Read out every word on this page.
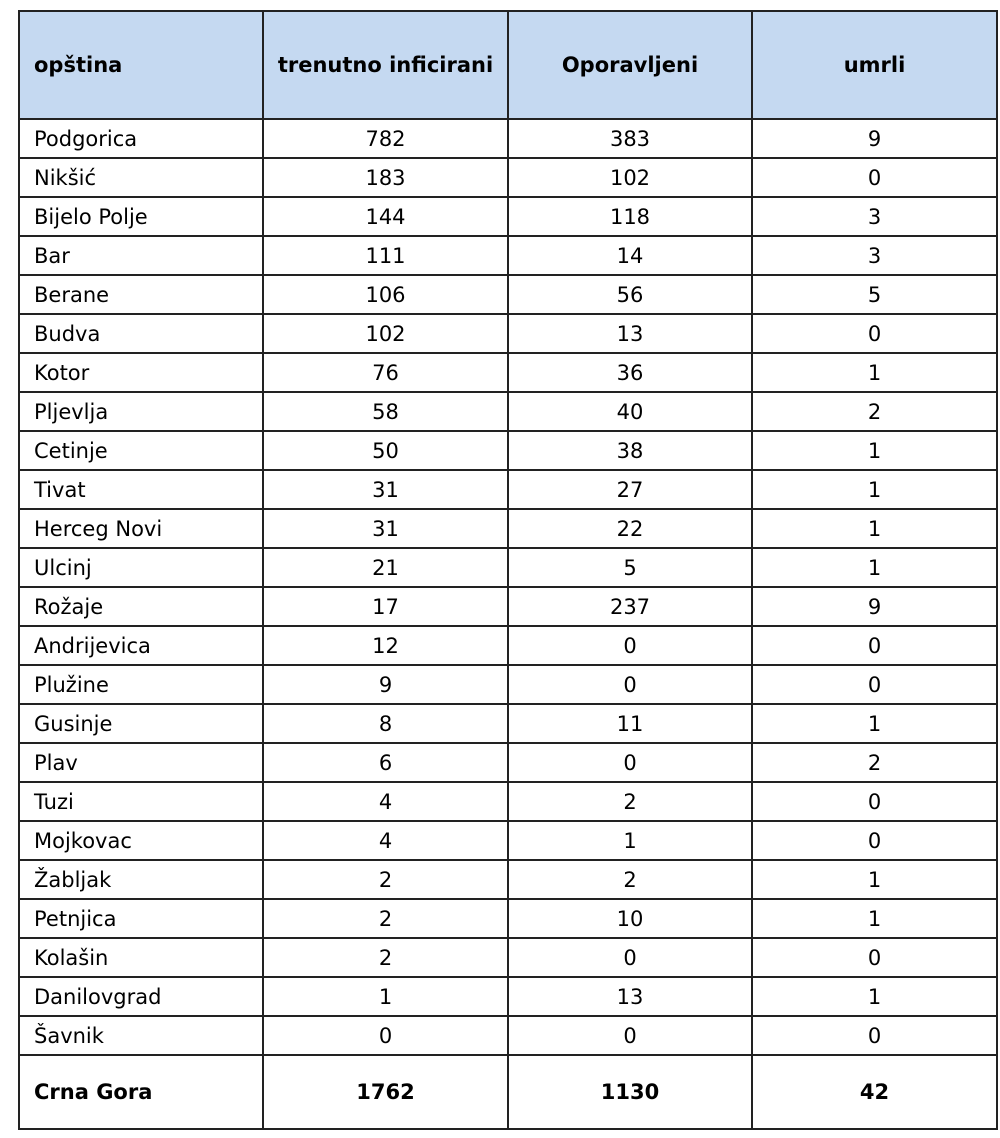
opština	trenutno inficirani	Oporavljeni	umrli
Podgorica	782	383	9
Nikšić	183	102	0
Bijelo Polje	144	118	3
Bar	111	14	3
Berane	106	56	5
Budva	102	13	0
Kotor	76	36	1
Pljevlja	58	40	2
Cetinje	50	38	1
Tivat	31	27	1
Herceg Novi	31	22	1
Ulcinj	21	5	1
Rožaje	17	237	9
Andrijevica	12	0	0
Plužine	9	0	0
Gusinje	8	11	1
Plav	6	0	2
Tuzi	4	2	0
Mojkovac	4	1	0
Žabljak	2	2	1
Petnjica	2	10	1
Kolašin	2	0	0
Danilovgrad	1	13	1
Šavnik	0	0	0
Crna Gora	1762	1130	42
